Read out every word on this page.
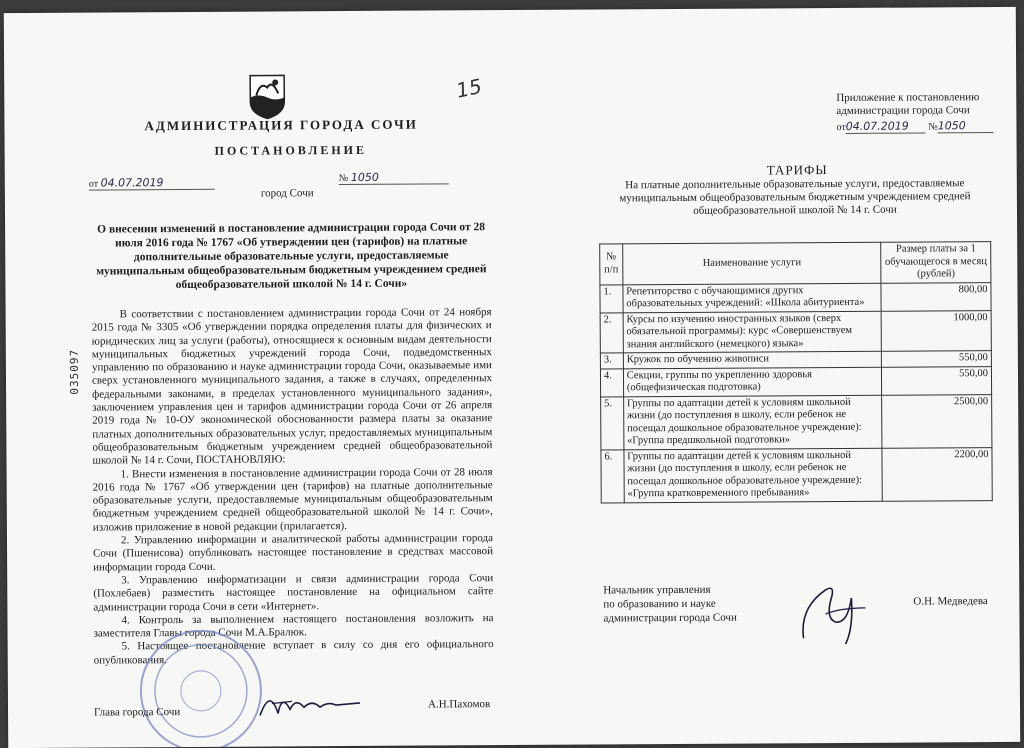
15
АДМИНИСТРАЦИЯ ГОРОДА СОЧИ
ПОСТАНОВЛЕНИЕ
от 04.07.2019	№ 1050
город Сочи
О внесении изменений в постановление администрации города Сочи от 28 июля 2016 года № 1767 «Об утверждении цен (тарифов) на платные дополнительные образовательные услуги, предоставляемые муниципальным общеобразовательным бюджетным учреждением средней общеобразовательной школой № 14 г. Сочи»

В соответствии с постановлением администрации города Сочи от 24 ноября 2015 года № 3305 «Об утверждении порядка определения платы для физических и юридических лиц за услуги (работы), относящиеся к основным видам деятельности муниципальных бюджетных учреждений города Сочи, подведомственных управлению по образованию и науке администрации города Сочи, оказываемые ими сверх установленного муниципального задания, а также в случаях, определенных федеральными законами, в пределах установленного муниципального задания», заключением управления цен и тарифов администрации города Сочи от 26 апреля 2019 года № 10-ОУ экономической обоснованности размера платы за оказание платных дополнительных образовательных услуг, предоставляемых муниципальным общеобразовательным бюджетным учреждением средней общеобразовательной школой № 14 г. Сочи, ПОСТАНОВЛЯЮ:

1. Внести изменения в постановление администрации города Сочи от 28 июля 2016 года № 1767 «Об утверждении цен (тарифов) на платные дополнительные образовательные услуги, предоставляемые муниципальным общеобразовательным бюджетным учреждением средней общеобразовательной школой № 14 г. Сочи», изложив приложение в новой редакции (прилагается).

2. Управлению информации и аналитической работы администрации города Сочи (Пшенисова) опубликовать настоящее постановление в средствах массовой информации города Сочи.

3. Управлению информатизации и связи администрации города Сочи (Похлебаев) разместить настоящее постановление на официальном сайте администрации города Сочи в сети «Интернет».

4. Контроль за выполнением настоящего постановления возложить на заместителя Главы города Сочи М.А.Бралюк.

5. Настоящее постановление вступает в силу со дня его официального опубликования.

035097
Глава города Сочи
А.Н.Пахомов
Приложение к постановлению
администрации города Сочи
от04.07.2019 №1050
ТАРИФЫ
На платные дополнительные образовательные услуги, предоставляемые муниципальным общеобразовательным бюджетным учреждением средней общеобразовательной школой № 14 г. Сочи
№ п/п	Наименование услуги	Размер платы за 1 обучающегося в месяц (рублей)
1.	Репетиторство с обучающимися других образовательных учреждений: «Школа абитуриента»	800,00
2.	Курсы по изучению иностранных языков (сверх обязательной программы): курс «Совершенствуем знания английского (немецкого) языка»	1000,00
3.	Кружок по обучению живописи	550,00
4.	Секции, группы по укреплению здоровья (общефизическая подготовка)	550,00
5.	Группы по адаптации детей к условиям школьной жизни (до поступления в школу, если ребенок не посещал дошкольное образовательное учреждение): «Группа предшкольной подготовки»	2500,00
6.	Группы по адаптации детей к условиям школьной жизни (до поступления в школу, если ребенок не посещал дошкольное образовательное учреждение): «Группа кратковременного пребывания»	2200,00
Начальник управления
по образованию и науке
администрации города Сочи
О.Н. Медведева
